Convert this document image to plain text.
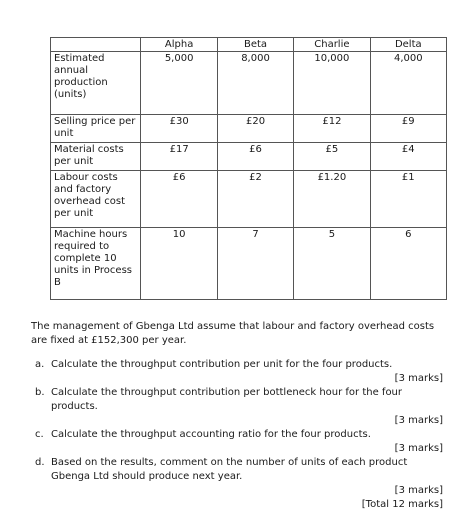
	Alpha	Beta	Charlie	Delta
Estimated annual production (units)	5,000	8,000	10,000	4,000
Selling price per unit	£30	£20	£12	£9
Material costs per unit	£17	£6	£5	£4
Labour costs and factory overhead cost per unit	£6	£2	£1.20	£1
Machine hours required to complete 10 units in Process B	10	7	5	6
The management of Gbenga Ltd assume that labour and factory overhead costs are fixed at £152,300 per year.
a. Calculate the throughput contribution per unit for the four products.
[3 marks]
b. Calculate the throughput contribution per bottleneck hour for the four products.
[3 marks]
c. Calculate the throughput accounting ratio for the four products.
[3 marks]
d. Based on the results, comment on the number of units of each product Gbenga Ltd should produce next year.
[3 marks]
[Total 12 marks]
